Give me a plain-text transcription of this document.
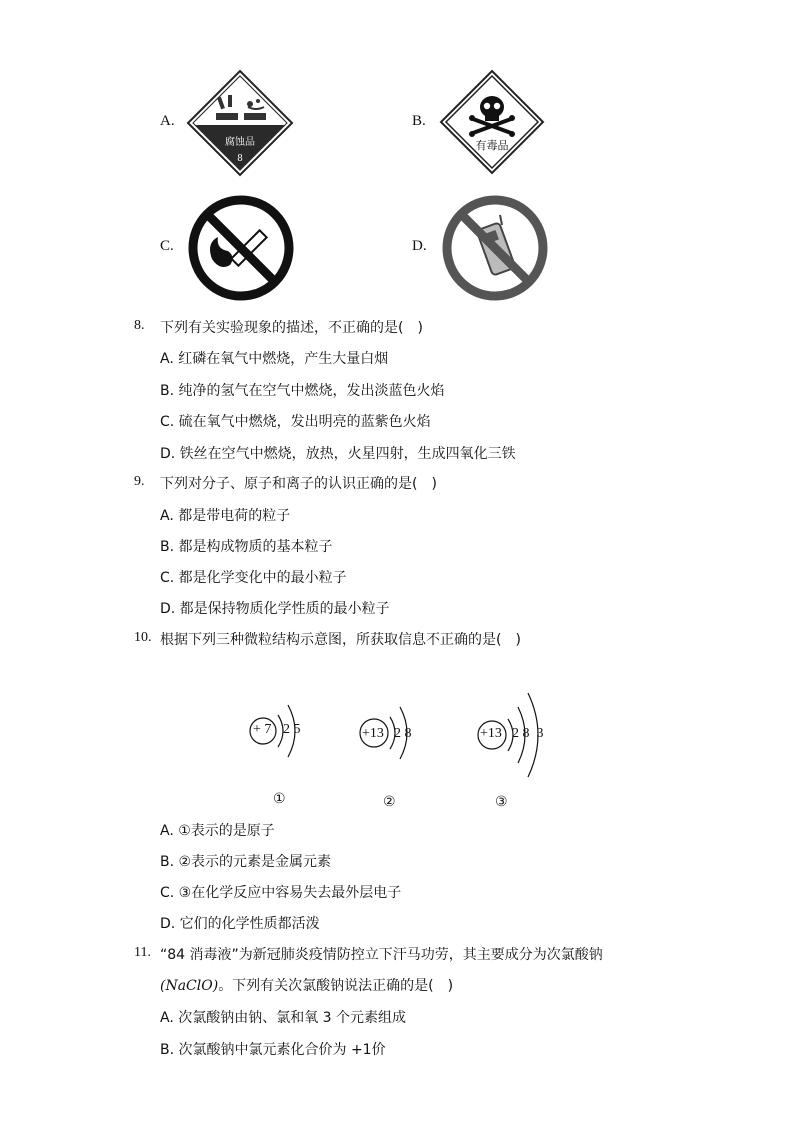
A.
腐蚀品
8
B.
有毒品
C.	D.
8. 下列有关实验现象的描述，不正确的是(　)
A. 红磷在氧气中燃烧，产生大量白烟
B. 纯净的氢气在空气中燃烧，发出淡蓝色火焰
C. 硫在氧气中燃烧，发出明亮的蓝紫色火焰
D. 铁丝在空气中燃烧，放热，火星四射，生成四氧化三铁
9. 下列对分子、原子和离子的认识正确的是(　)
A. 都是带电荷的粒子
B. 都是构成物质的基本粒子
C. 都是化学变化中的最小粒子
D. 都是保持物质化学性质的最小粒子
10. 根据下列三种微粒结构示意图，所获取信息不正确的是(　)
+ 7 2 5	+13 2 8	+13 2 8  3
①	②	③
A. ①表示的是原子
B. ②表示的元素是金属元素
C. ③在化学反应中容易失去最外层电子
D. 它们的化学性质都活泼
11. “84 消毒液”为新冠肺炎疫情防控立下汗马功劳，其主要成分为次氯酸钠
(NaClO)。下列有关次氯酸钠说法正确的是(　)
A. 次氯酸钠由钠、氯和氧 3 个元素组成
B. 次氯酸钠中氯元素化合价为 +1价
